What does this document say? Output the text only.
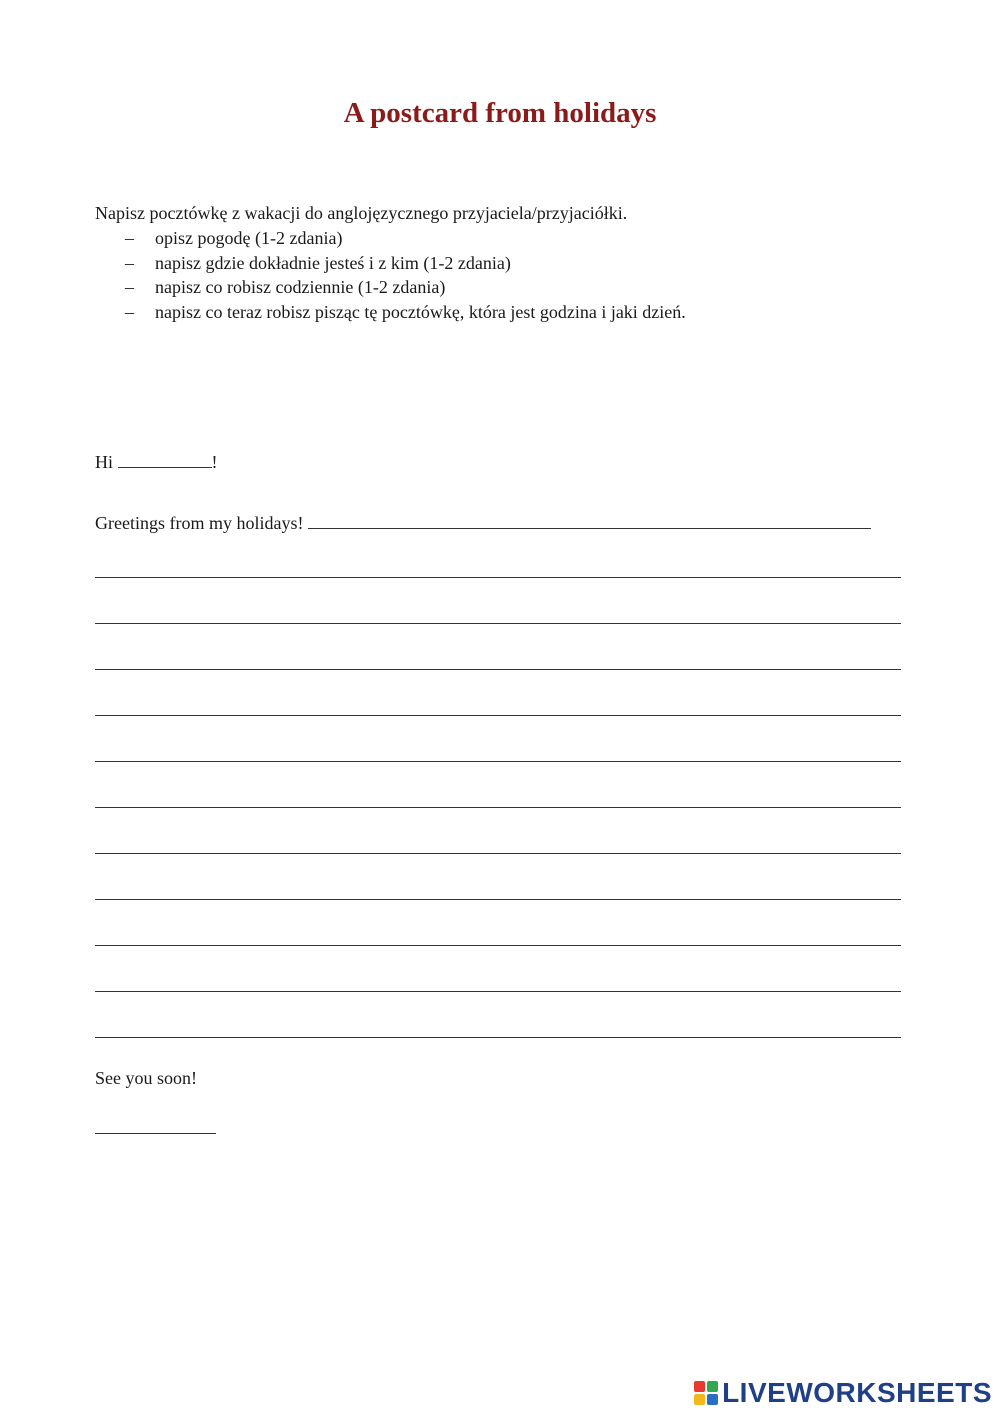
A postcard from holidays

Napisz pocztówkę z wakacji do anglojęzycznego przyjaciela/przyjaciółki.

– opisz pogodę (1-2 zdania)
– napisz gdzie dokładnie jesteś i z kim (1-2 zdania)
– napisz co robisz codziennie (1-2 zdania)
– napisz co teraz robisz pisząc tę pocztówkę, która jest godzina i jaki dzień.
Hi	!
Greetings from my holidays!
See you soon!
LIVEWORKSHEETS
